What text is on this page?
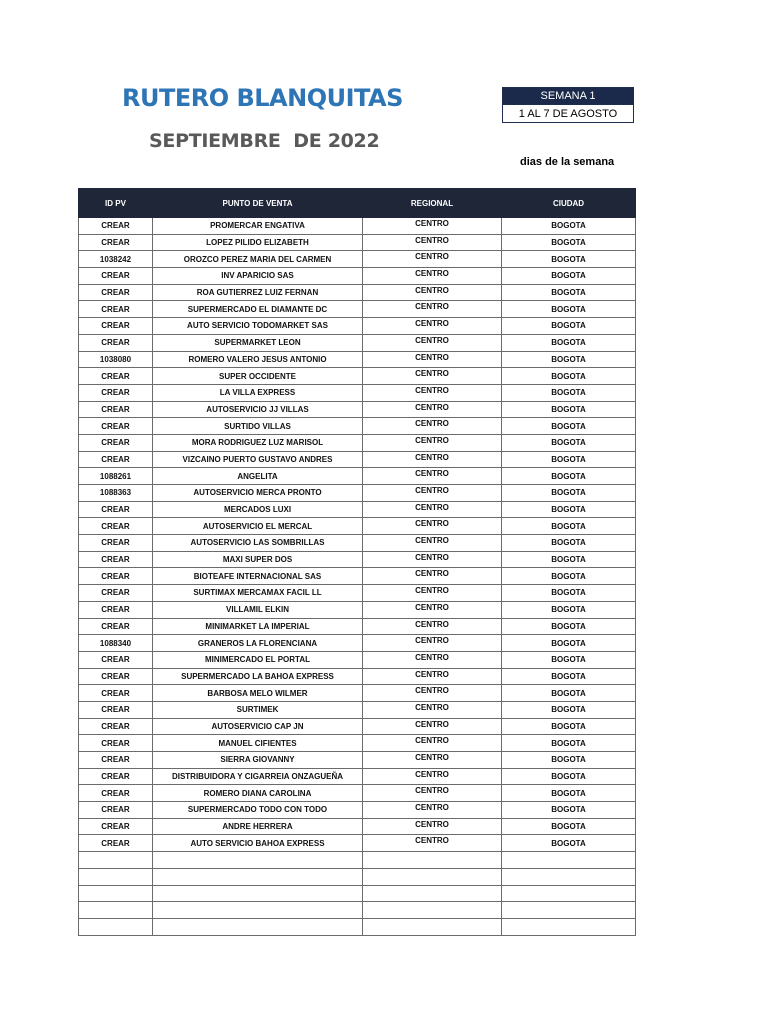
RUTERO BLANQUITAS
SEPTIEMBRE  DE 2022
SEMANA 1
1 AL 7 DE AGOSTO
dias de la semana
ID PV	PUNTO DE VENTA	REGIONAL	CIUDAD
CREAR	PROMERCAR ENGATIVA	CENTRO	BOGOTA
CREAR	LOPEZ PILIDO ELIZABETH	CENTRO	BOGOTA
1038242	OROZCO PEREZ MARIA DEL CARMEN	CENTRO	BOGOTA
CREAR	INV APARICIO SAS	CENTRO	BOGOTA
CREAR	ROA GUTIERREZ LUIZ FERNAN	CENTRO	BOGOTA
CREAR	SUPERMERCADO EL DIAMANTE DC	CENTRO	BOGOTA
CREAR	AUTO SERVICIO TODOMARKET SAS	CENTRO	BOGOTA
CREAR	SUPERMARKET LEON	CENTRO	BOGOTA
1038080	ROMERO VALERO JESUS ANTONIO	CENTRO	BOGOTA
CREAR	SUPER OCCIDENTE	CENTRO	BOGOTA
CREAR	LA VILLA EXPRESS	CENTRO	BOGOTA
CREAR	AUTOSERVICIO JJ VILLAS	CENTRO	BOGOTA
CREAR	SURTIDO VILLAS	CENTRO	BOGOTA
CREAR	MORA RODRIGUEZ LUZ MARISOL	CENTRO	BOGOTA
CREAR	VIZCAINO PUERTO GUSTAVO ANDRES	CENTRO	BOGOTA
1088261	ANGELITA	CENTRO	BOGOTA
1088363	AUTOSERVICIO MERCA PRONTO	CENTRO	BOGOTA
CREAR	MERCADOS LUXI	CENTRO	BOGOTA
CREAR	AUTOSERVICIO EL MERCAL	CENTRO	BOGOTA
CREAR	AUTOSERVICIO LAS SOMBRILLAS	CENTRO	BOGOTA
CREAR	MAXI SUPER DOS	CENTRO	BOGOTA
CREAR	BIOTEAFE INTERNACIONAL SAS	CENTRO	BOGOTA
CREAR	SURTIMAX MERCAMAX FACIL LL	CENTRO	BOGOTA
CREAR	VILLAMIL ELKIN	CENTRO	BOGOTA
CREAR	MINIMARKET LA IMPERIAL	CENTRO	BOGOTA
1088340	GRANEROS LA FLORENCIANA	CENTRO	BOGOTA
CREAR	MINIMERCADO EL PORTAL	CENTRO	BOGOTA
CREAR	SUPERMERCADO LA BAHOA EXPRESS	CENTRO	BOGOTA
CREAR	BARBOSA MELO WILMER	CENTRO	BOGOTA
CREAR	SURTIMEK	CENTRO	BOGOTA
CREAR	AUTOSERVICIO CAP JN	CENTRO	BOGOTA
CREAR	MANUEL CIFIENTES	CENTRO	BOGOTA
CREAR	SIERRA GIOVANNY	CENTRO	BOGOTA
CREAR	DISTRIBUIDORA Y CIGARREIA ONZAGUEÑA	CENTRO	BOGOTA
CREAR	ROMERO DIANA CAROLINA	CENTRO	BOGOTA
CREAR	SUPERMERCADO TODO CON TODO	CENTRO	BOGOTA
CREAR	ANDRE HERRERA	CENTRO	BOGOTA
CREAR	AUTO SERVICIO BAHOA EXPRESS	CENTRO	BOGOTA
